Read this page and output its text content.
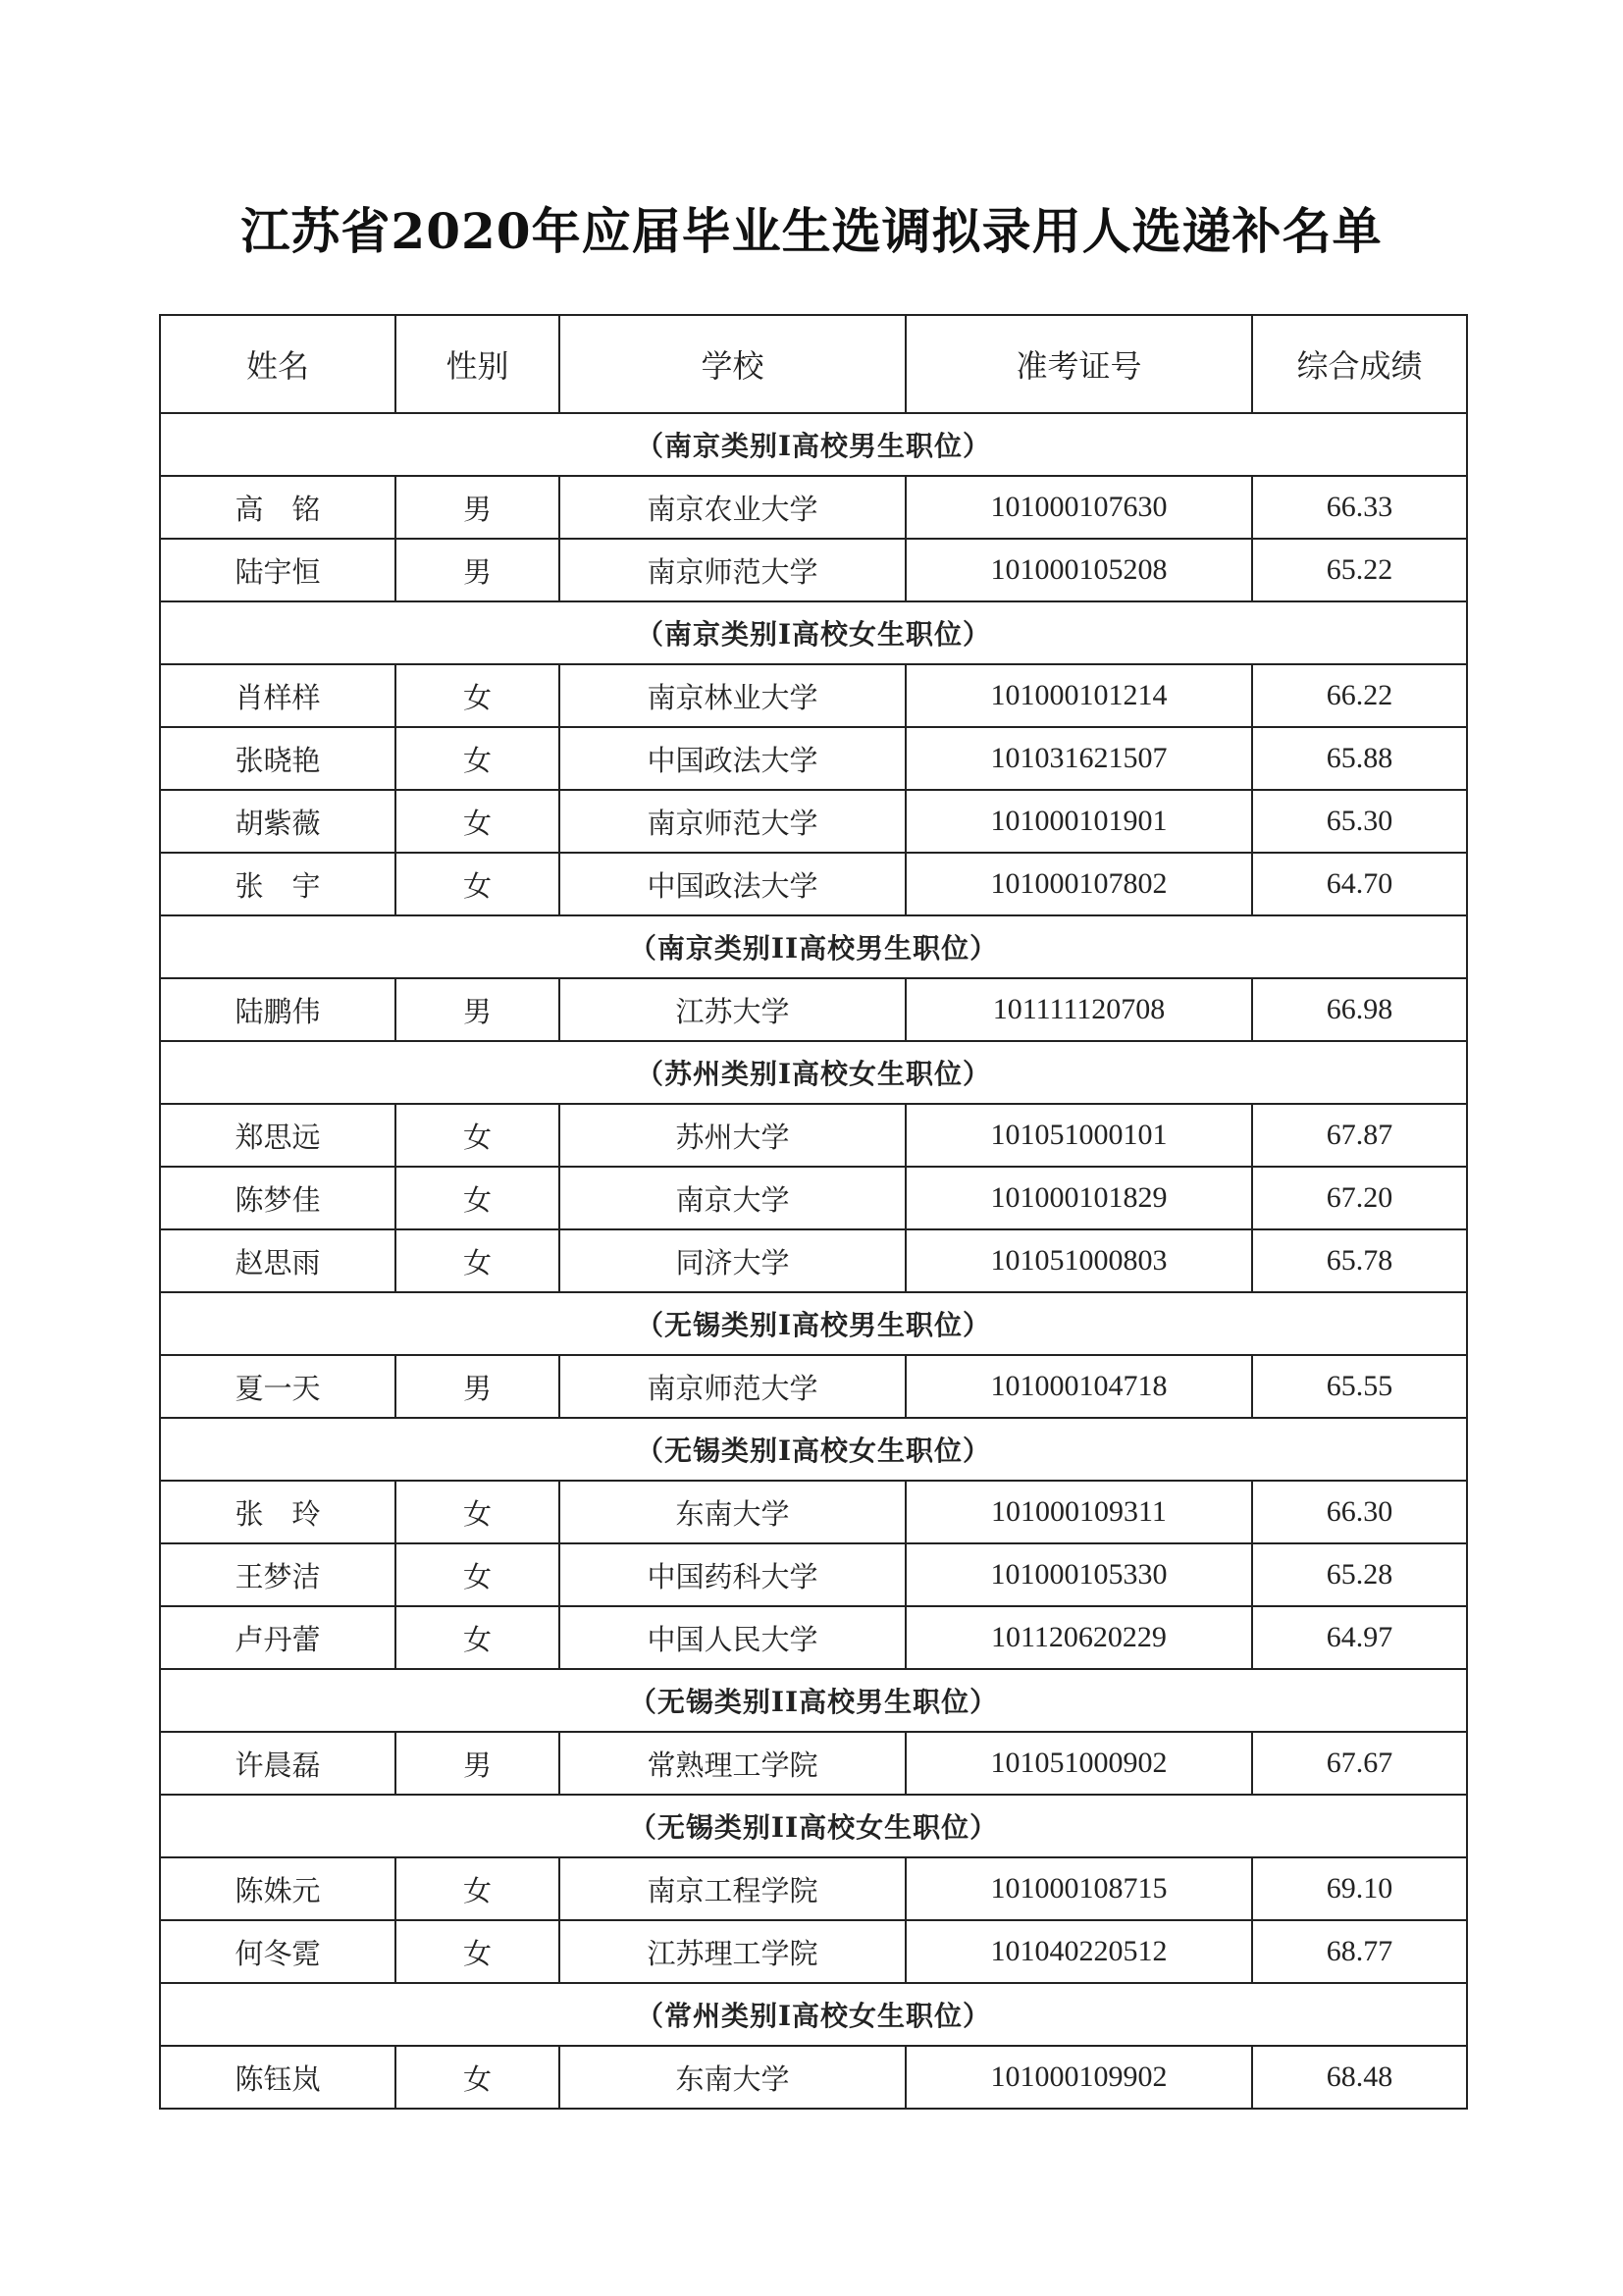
江苏省2020年应届毕业生选调拟录用人选递补名单
姓名	性别	学校	准考证号	综合成绩
（南京类别I高校男生职位）				
高　铭	男	南京农业大学	101000107630	66.33
陆宇恒	男	南京师范大学	101000105208	65.22
（南京类别I高校女生职位）				
肖样样	女	南京林业大学	101000101214	66.22
张晓艳	女	中国政法大学	101031621507	65.88
胡紫薇	女	南京师范大学	101000101901	65.30
张　宇	女	中国政法大学	101000107802	64.70
（南京类别II高校男生职位）				
陆鹏伟	男	江苏大学	101111120708	66.98
（苏州类别I高校女生职位）				
郑思远	女	苏州大学	101051000101	67.87
陈梦佳	女	南京大学	101000101829	67.20
赵思雨	女	同济大学	101051000803	65.78
（无锡类别I高校男生职位）				
夏一天	男	南京师范大学	101000104718	65.55
（无锡类别I高校女生职位）				
张　玲	女	东南大学	101000109311	66.30
王梦洁	女	中国药科大学	101000105330	65.28
卢丹蕾	女	中国人民大学	101120620229	64.97
（无锡类别II高校男生职位）				
许晨磊	男	常熟理工学院	101051000902	67.67
（无锡类别II高校女生职位）				
陈姝元	女	南京工程学院	101000108715	69.10
何冬霓	女	江苏理工学院	101040220512	68.77
（常州类别I高校女生职位）				
陈钰岚	女	东南大学	101000109902	68.48
